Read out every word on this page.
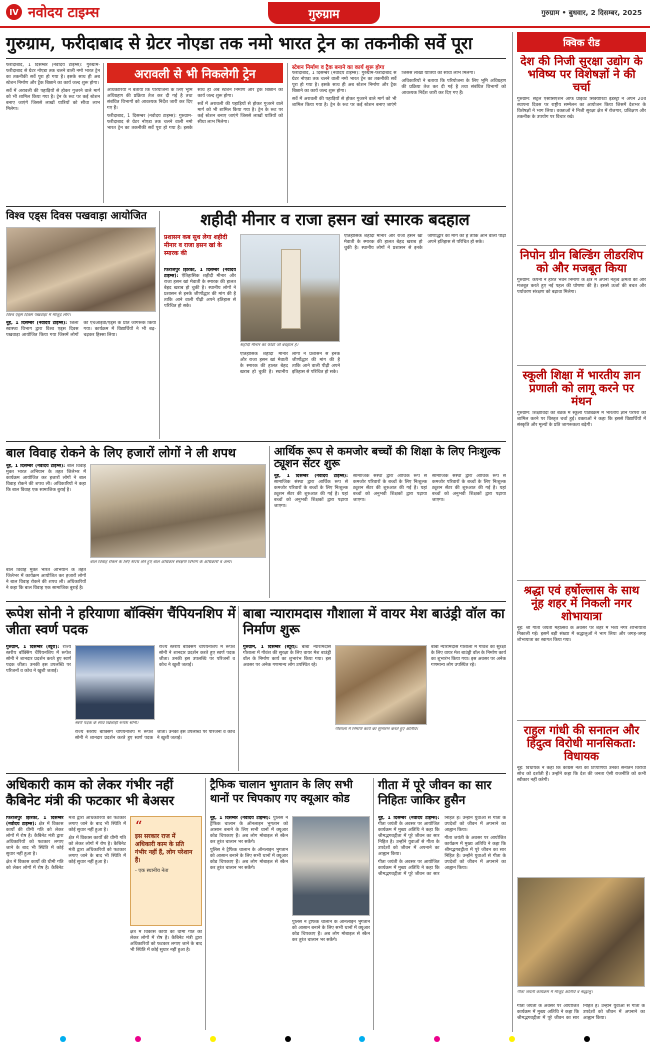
IV नवोदय टाइम्स	गुरुग्राम	गुरुग्राम • बुधवार, 2 दिसम्बर, 2025
गुरुग्राम, फरीदाबाद से ग्रेटर नोएडा तक नमो भारत ट्रेन का तकनीकी सर्वे पूरा

फरीदाबाद, 1 दिसम्बर (नवोदय टाइम्स): गुरुग्राम-फरीदाबाद से ग्रेटर नोएडा तक चलने वाली नमो भारत ट्रेन का तकनीकी सर्वे पूरा हो गया है। इसके साथ ही अब स्टेशन निर्माण और ट्रैक बिछाने का कार्य जल्द शुरू होगा।

सर्वे में अरावली की पहाड़ियों से होकर गुजरने वाले मार्ग को भी शामिल किया गया है। ट्रेन के रूट पर कई स्टेशन बनाए जाएंगे जिससे लाखों यात्रियों को सीधा लाभ मिलेगा।

अरावली से भी निकलेगी ट्रेन

अधिकारियों ने बताया कि परियोजना के लिए भूमि अधिग्रहण की प्रक्रिया तेज कर दी गई है तथा संबंधित विभागों को आवश्यक निर्देश जारी कर दिए गए हैं।

फरीदाबाद, 1 दिसम्बर (नवोदय टाइम्स): गुरुग्राम-फरीदाबाद से ग्रेटर नोएडा तक चलने वाली नमो भारत ट्रेन का तकनीकी सर्वे पूरा हो गया है। इसके साथ ही अब स्टेशन निर्माण और ट्रैक बिछाने का कार्य जल्द शुरू होगा।

सर्वे में अरावली की पहाड़ियों से होकर गुजरने वाले मार्ग को भी शामिल किया गया है। ट्रेन के रूट पर कई स्टेशन बनाए जाएंगे जिससे लाखों यात्रियों को सीधा लाभ मिलेगा।

स्टेशन निर्माण व ट्रैक बनाने का कार्य शुरू होगा

फरीदाबाद, 1 दिसम्बर (नवोदय टाइम्स): गुरुग्राम-फरीदाबाद से ग्रेटर नोएडा तक चलने वाली नमो भारत ट्रेन का तकनीकी सर्वे पूरा हो गया है। इसके साथ ही अब स्टेशन निर्माण और ट्रैक बिछाने का कार्य जल्द शुरू होगा।

सर्वे में अरावली की पहाड़ियों से होकर गुजरने वाले मार्ग को भी शामिल किया गया है। ट्रेन के रूट पर कई स्टेशन बनाए जाएंगे जिससे लाखों यात्रियों को सीधा लाभ मिलेगा।

अधिकारियों ने बताया कि परियोजना के लिए भूमि अधिग्रहण की प्रक्रिया तेज कर दी गई है तथा संबंधित विभागों को आवश्यक निर्देश जारी कर दिए गए हैं।

क्विक रीड
देश की निजी सुरक्षा उद्योग के भविष्य पर विशेषज्ञों ने की चर्चा
गुरुग्राम: सेंट्रल एसोसिएशन ऑफ प्राइवेट सिक्योरिटी इंडस्ट्री ने अपने 20वें स्थापना दिवस पर राष्ट्रीय सम्मेलन का आयोजन किया जिसमें देशभर के विशेषज्ञों ने भाग लिया। वक्ताओं ने निजी सुरक्षा क्षेत्र में रोजगार, प्रशिक्षण और तकनीक के उपयोग पर विचार रखे।
निपोन ग्रीन बिल्डिंग लीडरशिप को और मजबूत किया
गुरुग्राम: कंपनी ने हरित भवन निर्माण के क्षेत्र में अपनी नेतृत्व क्षमता को और मजबूत करते हुए नई पहल की घोषणा की है। इससे ऊर्जा की बचत और पर्यावरण संरक्षण को बढ़ावा मिलेगा।
स्कूली शिक्षा में भारतीय ज्ञान प्रणाली को लागू करने पर मंथन
गुरुग्राम: शिक्षाविदों की बैठक में स्कूली पाठ्यक्रम में भारतीय ज्ञान परंपरा को शामिल करने पर विस्तृत चर्चा हुई। वक्ताओं ने कहा कि इससे विद्यार्थियों में संस्कृति और मूल्यों के प्रति जागरूकता बढ़ेगी।
श्रद्धा एवं हर्षोल्लास के साथ नूंह शहर में निकली नगर शोभायात्रा
नूंह: श्री गीता जयंती महोत्सव के अवसर पर शहर में भव्य नगर शोभायात्रा निकाली गई। इसमें बड़ी संख्या में श्रद्धालुओं ने भाग लिया और जगह-जगह शोभायात्रा का स्वागत किया गया।
राहुल गांधी की सनातन और हिंदुत्व विरोधी मानसिकता: विधायक
नूंह: विधायक ने कहा कि कांग्रेस नेता की टिप्पणियां उनकी सनातन विरोधी सोच को दर्शाती हैं। उन्होंने कहा कि देश की जनता ऐसी राजनीति को कभी स्वीकार नहीं करेगी।
गीता जयंती कार्यक्रम में मौजूद अतिथि व श्रद्धालु।
गीता जयंती के अवसर पर आयोजित कार्यक्रम में मुख्य अतिथि ने कहा कि श्रीमद्भगवद्गीता में पूरे जीवन का सार निहित है। उन्होंने युवाओं से गीता के उपदेशों को जीवन में अपनाने का आह्वान किया।
विश्व एड्स दिवस पखवाड़ा आयोजित
विश्व एड्स दिवस पखवाड़ा में मौजूद लोग।

नूंह, 1 दिसम्बर (नवोदय टाइम्स): जिला स्वास्थ्य विभाग द्वारा विश्व एड्स दिवस पखवाड़ा आयोजित किया गया जिसमें लोगों को एचआईवी/एड्स के प्रति जागरूक किया गया। कार्यक्रम में विद्यार्थियों ने भी बढ़-चढ़कर हिस्सा लिया।

शहीदी मीनार व राजा हसन खां स्मारक बदहाल
प्रशासन कब सुध लेगा शहीदी मीनार व राजा हसन खां के स्मारक की

फिरोजपुर झिरका, 1 दिसम्बर (नवोदय टाइम्स): ऐतिहासिक शहीदी मीनार और राजा हसन खां मेवाती के स्मारक की हालत बेहद खराब हो चुकी है। स्थानीय लोगों ने प्रशासन से इनके जीर्णोद्धार की मांग की है ताकि आने वाली पीढ़ी अपने इतिहास से परिचित हो सके।

शहीदी मीनार का फोटो जो बदहाल है।
ऐतिहासिक शहीदी मीनार और राजा हसन खां मेवाती के स्मारक की हालत बेहद खराब हो चुकी है। स्थानीय लोगों ने प्रशासन से इनके जीर्णोद्धार की मांग की है ताकि आने वाली पीढ़ी अपने इतिहास से परिचित हो सके।
ऐतिहासिक शहीदी मीनार और राजा हसन खां मेवाती के स्मारक की हालत बेहद खराब हो चुकी है। स्थानीय लोगों ने प्रशासन से इनके जीर्णोद्धार की मांग की है ताकि आने वाली पीढ़ी अपने इतिहास से परिचित हो सके।
बाल विवाह रोकने के लिए हजारों लोगों ने ली शपथ

नूंह, 1 दिसम्बर (नवोदय टाइम्स): बाल विवाह मुक्त भारत अभियान के तहत जिलेभर में कार्यक्रम आयोजित कर हजारों लोगों ने बाल विवाह रोकने की शपथ ली। अधिकारियों ने कहा कि बाल विवाह एक सामाजिक बुराई है।

बाल विवाह मुक्त भारत अभियान के तहत जिलेभर में कार्यक्रम आयोजित कर हजारों लोगों ने बाल विवाह रोकने की शपथ ली। अधिकारियों ने कहा कि बाल विवाह एक सामाजिक बुराई है।
बाल विवाह रोकने के लिए शपथ लेते हुए बाल अधिकार संरक्षण विभाग के अधिकारी व अन्य।
आर्थिक रूप से कमजोर बच्चों की शिक्षा के लिए निःशुल्क ट्यूशन सेंटर शुरू

नूंह, 1 दिसम्बर (नवोदय टाइम्स): सामाजिक संस्था द्वारा आर्थिक रूप से कमजोर परिवारों के बच्चों के लिए निःशुल्क ट्यूशन सेंटर की शुरुआत की गई है। यहां बच्चों को अनुभवी शिक्षकों द्वारा पढ़ाया जाएगा।

सामाजिक संस्था द्वारा आर्थिक रूप से कमजोर परिवारों के बच्चों के लिए निःशुल्क ट्यूशन सेंटर की शुरुआत की गई है। यहां बच्चों को अनुभवी शिक्षकों द्वारा पढ़ाया जाएगा।

सामाजिक संस्था द्वारा आर्थिक रूप से कमजोर परिवारों के बच्चों के लिए निःशुल्क ट्यूशन सेंटर की शुरुआत की गई है। यहां बच्चों को अनुभवी शिक्षकों द्वारा पढ़ाया जाएगा।

रूपेश सोनी ने हरियाणा बॉक्सिंग चैंपियनशिप में जीता स्वर्ण पदक

गुरुग्राम, 1 दिसम्बर (ब्यूरो): राज्य स्तरीय बॉक्सिंग चैंपियनशिप में रूपेश सोनी ने शानदार प्रदर्शन करते हुए स्वर्ण पदक जीता। उनकी इस उपलब्धि पर परिजनों व कोच ने खुशी जताई।

स्वर्ण पदक के साथ खिलाड़ी रूपेश सोनी।
राज्य स्तरीय बॉक्सिंग चैंपियनशिप में रूपेश सोनी ने शानदार प्रदर्शन करते हुए स्वर्ण पदक जीता। उनकी इस उपलब्धि पर परिजनों व कोच ने खुशी जताई।
राज्य स्तरीय बॉक्सिंग चैंपियनशिप में रूपेश सोनी ने शानदार प्रदर्शन करते हुए स्वर्ण पदक जीता। उनकी इस उपलब्धि पर परिजनों व कोच ने खुशी जताई।
बाबा न्यारामदास गौशाला में वायर मेश बाउंड्री वॉल का निर्माण शुरू

गुरुग्राम, 1 दिसम्बर (ब्यूरो): बाबा न्यारामदास गौशाला में गौवंश की सुरक्षा के लिए वायर मेश बाउंड्री वॉल के निर्माण कार्य का शुभारंभ किया गया। इस अवसर पर अनेक गणमान्य लोग उपस्थित रहे।

गौशाला में निर्माण कार्य का शुभारंभ करते हुए अतिथि।
बाबा न्यारामदास गौशाला में गौवंश की सुरक्षा के लिए वायर मेश बाउंड्री वॉल के निर्माण कार्य का शुभारंभ किया गया। इस अवसर पर अनेक गणमान्य लोग उपस्थित रहे।
अधिकारी काम को लेकर गंभीर नहीं कैबिनेट मंत्री की फटकार भी बेअसर

फिरोजपुर झिरका, 1 दिसम्बर (नवोदय टाइम्स): क्षेत्र में विकास कार्यों की धीमी गति को लेकर लोगों में रोष है। कैबिनेट मंत्री द्वारा अधिकारियों को फटकार लगाए जाने के बाद भी स्थिति में कोई सुधार नहीं हुआ है।

क्षेत्र में विकास कार्यों की धीमी गति को लेकर लोगों में रोष है। कैबिनेट मंत्री द्वारा अधिकारियों को फटकार लगाए जाने के बाद भी स्थिति में कोई सुधार नहीं हुआ है।

क्षेत्र में विकास कार्यों की धीमी गति को लेकर लोगों में रोष है। कैबिनेट मंत्री द्वारा अधिकारियों को फटकार लगाए जाने के बाद भी स्थिति में कोई सुधार नहीं हुआ है।

“
इस सरकार राज में अधिकारी काम के प्रति गंभीर नहीं हैं, लोग परेशान हैं।
- एक स्थानीय नेता
क्षेत्र में विकास कार्यों की धीमी गति को लेकर लोगों में रोष है। कैबिनेट मंत्री द्वारा अधिकारियों को फटकार लगाए जाने के बाद भी स्थिति में कोई सुधार नहीं हुआ है।
ट्रैफिक चालान भुगतान के लिए सभी थानों पर चिपकाए गए क्यूआर कोड

नूंह, 1 दिसम्बर (नवोदय टाइम्स): पुलिस ने ट्रैफिक चालान के ऑनलाइन भुगतान को आसान बनाने के लिए सभी थानों में क्यूआर कोड चिपकाए हैं। अब लोग मोबाइल से स्कैन कर तुरंत चालान भर सकेंगे।

पुलिस ने ट्रैफिक चालान के ऑनलाइन भुगतान को आसान बनाने के लिए सभी थानों में क्यूआर कोड चिपकाए हैं। अब लोग मोबाइल से स्कैन कर तुरंत चालान भर सकेंगे।

पुलिस ने ट्रैफिक चालान के ऑनलाइन भुगतान को आसान बनाने के लिए सभी थानों में क्यूआर कोड चिपकाए हैं। अब लोग मोबाइल से स्कैन कर तुरंत चालान भर सकेंगे।
गीता में पूरे जीवन का सार निहितः जाकिर हुसैन

नूंह, 1 दिसम्बर (नवोदय टाइम्स): गीता जयंती के अवसर पर आयोजित कार्यक्रम में मुख्य अतिथि ने कहा कि श्रीमद्भगवद्गीता में पूरे जीवन का सार निहित है। उन्होंने युवाओं से गीता के उपदेशों को जीवन में अपनाने का आह्वान किया।

गीता जयंती के अवसर पर आयोजित कार्यक्रम में मुख्य अतिथि ने कहा कि श्रीमद्भगवद्गीता में पूरे जीवन का सार निहित है। उन्होंने युवाओं से गीता के उपदेशों को जीवन में अपनाने का आह्वान किया।

गीता जयंती के अवसर पर आयोजित कार्यक्रम में मुख्य अतिथि ने कहा कि श्रीमद्भगवद्गीता में पूरे जीवन का सार निहित है। उन्होंने युवाओं से गीता के उपदेशों को जीवन में अपनाने का आह्वान किया।
